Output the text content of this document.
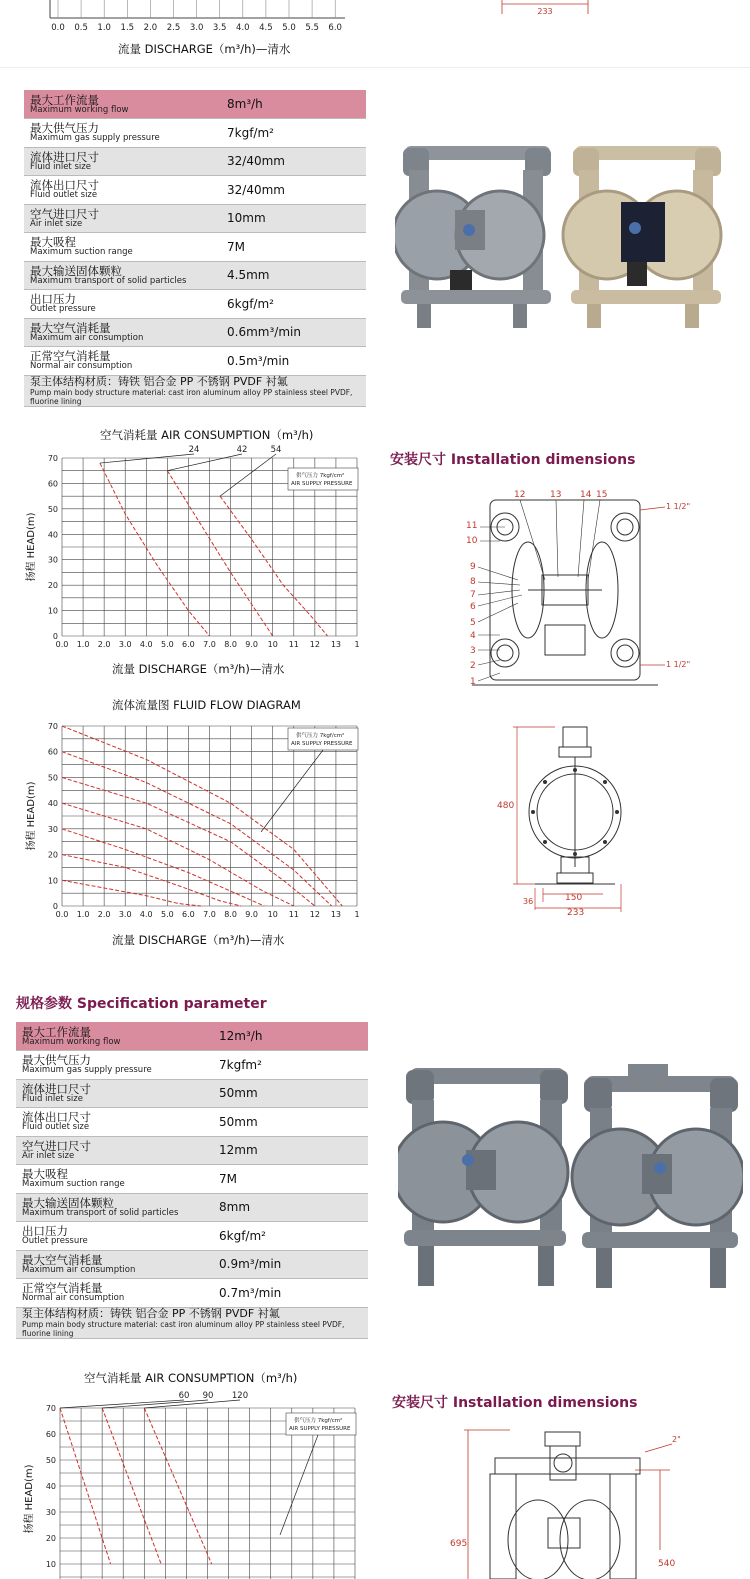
0.0 0.5 1.0 1.5 2.0 2.5 3.0 3.5 4.0 4.5 5.0 5.5 6.0
流量 DISCHARGE（m³/h)—清水
233
最大工作流量
Maximum working flow	8m³/h

最大供气压力
Maximum gas supply pressure	7kgf/m²

流体进口尺寸
Fluid inlet size	32/40mm

流体出口尺寸
Fluid outlet size	32/40mm

空气进口尺寸
Air inlet size	10mm

最大吸程
Maximum suction range	7M

最大输送固体颗粒
Maximum transport of solid particles	4.5mm

出口压力
Outlet pressure	6kgf/m²

最大空气消耗量
Maximum air consumption	0.6mm³/min

正常空气消耗量
Normal air consumption	0.5m³/min

泵主体结构材质：铸铁 铝合金 PP 不锈钢 PVDF 衬氟
Pump main body structure material: cast iron aluminum alloy PP stainless steel PVDF, fluorine lining	
空气消耗量 AIR CONSUMPTION（m³/h)
0
10
20
30
40
50
60
70
0.0 1.0 2.0 3.0 4.0 5.0 6.0 7.0 8.0 9.0 10 11 12 13 1
扬程 HEAD(m)
供气压力 7kgf/cm²
AIR SUPPLY PRESSURE
24	42	54
流量 DISCHARGE（m³/h)—清水
流体流量图 FLUID FLOW DIAGRAM
0
10
20
30
40
50
60
70
0.0 1.0 2.0 3.0 4.0 5.0 6.0 7.0 8.0 9.0 10 11 12 13 1
扬程 HEAD(m)
供气压力 7kgf/cm²
AIR SUPPLY PRESSURE
流量 DISCHARGE（m³/h)—清水
安装尺寸 Installation dimensions
12	13 14 15
11
10
9
8
7
6
5
4
3
2
1
1 1/2"
1 1/2"
480
150
36
233
规格参数 Specification parameter
最大工作流量
Maximum working flow	12m³/h

最大供气压力
Maximum gas supply pressure	7kgfm²

流体进口尺寸
Fluid inlet size	50mm

流体出口尺寸
Fluid outlet size	50mm

空气进口尺寸
Air inlet size	12mm

最大吸程
Maximum suction range	7M

最大输送固体颗粒
Maximum transport of solid particles	8mm

出口压力
Outlet pressure	6kgf/m²

最大空气消耗量
Maximum air consumption	0.9m³/min

正常空气消耗量
Normal air consumption	0.7m³/min

泵主体结构材质：铸铁 铝合金 PP 不锈钢 PVDF 衬氟
Pump main body structure material: cast iron aluminum alloy PP stainless steel PVDF, fluorine lining	
空气消耗量 AIR CONSUMPTION（m³/h)
10
20
30
40
50
60
70
扬程 HEAD(m)
供气压力 7kgf/cm²
AIR SUPPLY PRESSURE
60 90 120	安装尺寸 Installation dimensions
695
540
2"
